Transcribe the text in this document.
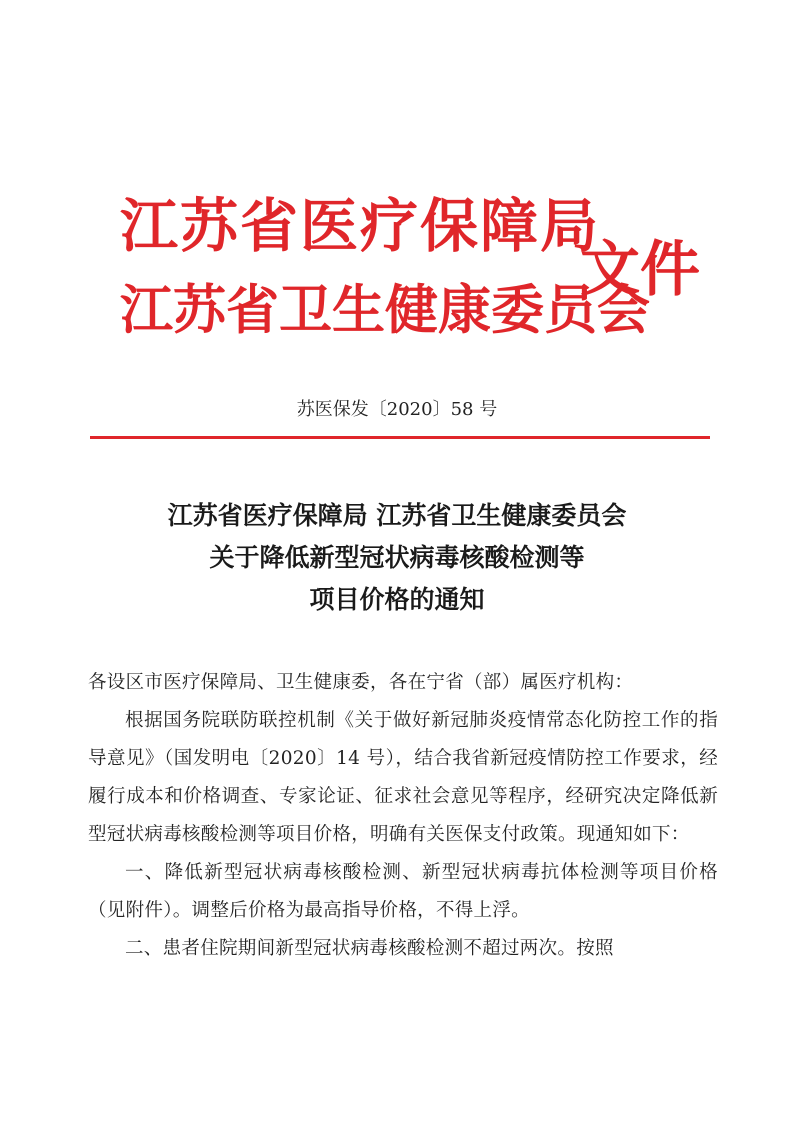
江苏省医疗保障局
江苏省卫生健康委员会
文件
苏医保发〔2020〕58 号
江苏省医疗保障局 江苏省卫生健康委员会
关于降低新型冠状病毒核酸检测等
项目价格的通知

各设区市医疗保障局、卫生健康委，各在宁省（部）属医疗机构：

根据国务院联防联控机制《关于做好新冠肺炎疫情常态化防控工作的指导意见》（国发明电〔2020〕14 号），结合我省新冠疫情防控工作要求，经履行成本和价格调查、专家论证、征求社会意见等程序，经研究决定降低新型冠状病毒核酸检测等项目价格，明确有关医保支付政策。现通知如下：

一、降低新型冠状病毒核酸检测、新型冠状病毒抗体检测等项目价格（见附件）。调整后价格为最高指导价格，不得上浮。

二、患者住院期间新型冠状病毒核酸检测不超过两次。按照
